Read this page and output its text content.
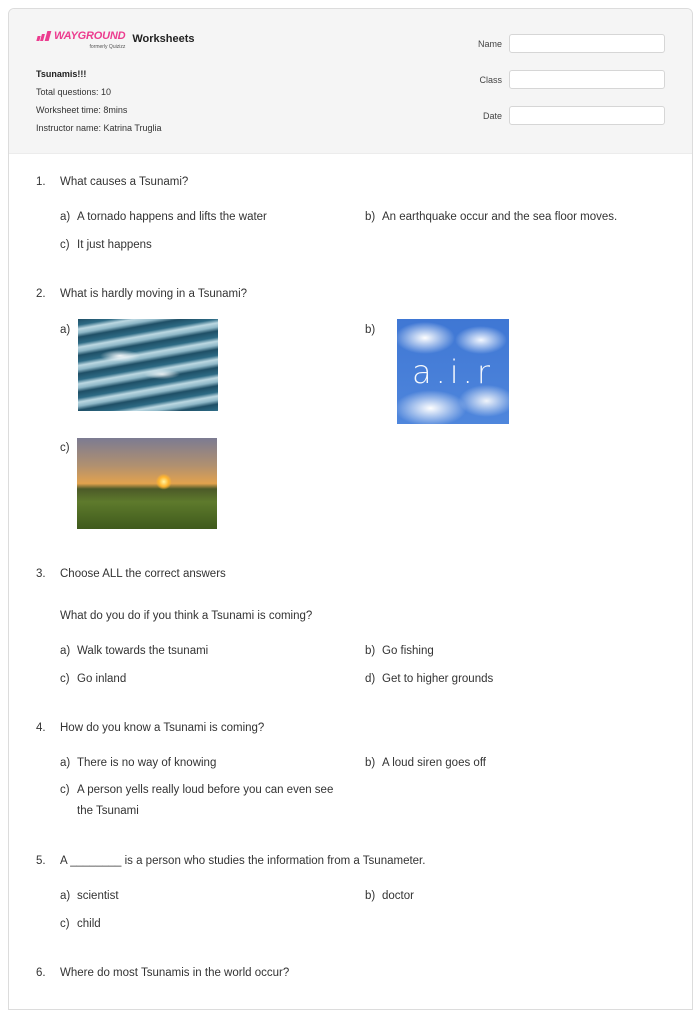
WAYGROUND
formerly Quizizz
Worksheets
Tsunamis!!!
Total questions: 10
Worksheet time: 8mins
Instructor name: Katrina Truglia
Name
Class
Date
1.	What causes a Tsunami?
a) A tornado happens and lifts the water	b) An earthquake occur and the sea floor moves.
c) It just happens
2.	What is hardly moving in a Tsunami?
a)	b)
a.i.r
c)
3.	Choose ALL the correct answers
What do you do if you think a Tsunami is coming?
a) Walk towards the tsunami	b) Go fishing
c) Go inland	d) Get to higher grounds
4.	How do you know a Tsunami is coming?
a) There is no way of knowing	b) A loud siren goes off
c) A person yells really loud before you can even see the Tsunami
5.	A ________ is a person who studies the information from a Tsunameter.
a) scientist	b) doctor
c) child
6.	Where do most Tsunamis in the world occur?
